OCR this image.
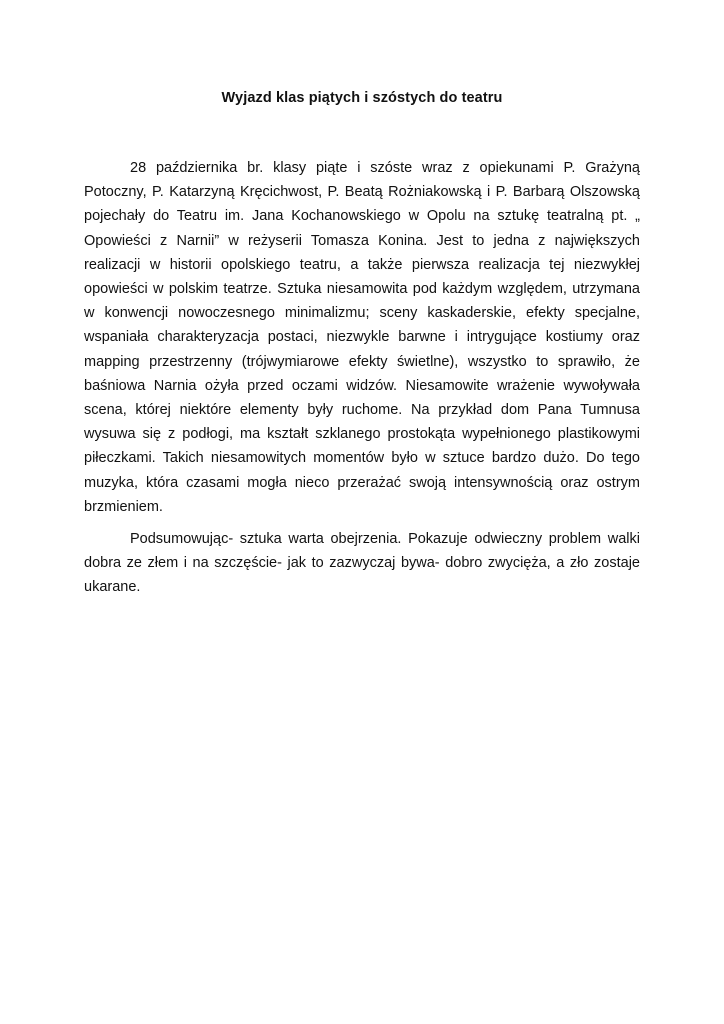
Wyjazd klas piątych i szóstych do teatru

28 października br. klasy piąte i szóste wraz z opiekunami P. Grażyną Potoczny, P. Katarzyną Kręcichwost, P. Beatą Rożniakowską i P. Barbarą Olszowską pojechały do Teatru im. Jana Kochanowskiego w Opolu na sztukę teatralną pt. „ Opowieści z Narnii” w reżyserii Tomasza Konina. Jest to jedna z największych realizacji w historii opolskiego teatru, a także pierwsza realizacja tej niezwykłej opowieści w polskim teatrze. Sztuka niesamowita pod każdym względem, utrzymana w konwencji nowoczesnego minimalizmu; sceny kaskaderskie, efekty specjalne, wspaniała charakteryzacja postaci, niezwykle barwne i intrygujące kostiumy oraz mapping przestrzenny (trójwymiarowe efekty świetlne), wszystko to sprawiło, że baśniowa Narnia ożyła przed oczami widzów. Niesamowite wrażenie wywoływała scena, której niektóre elementy były ruchome. Na przykład dom Pana Tumnusa wysuwa się z podłogi, ma kształt szklanego prostokąta wypełnionego plastikowymi piłeczkami. Takich niesamowitych momentów było w sztuce bardzo dużo. Do tego muzyka, która czasami mogła nieco przerażać swoją intensywnością oraz ostrym brzmieniem.

Podsumowując- sztuka warta obejrzenia. Pokazuje odwieczny problem walki dobra ze złem i na szczęście- jak to zazwyczaj bywa- dobro zwycięża, a zło zostaje ukarane.
